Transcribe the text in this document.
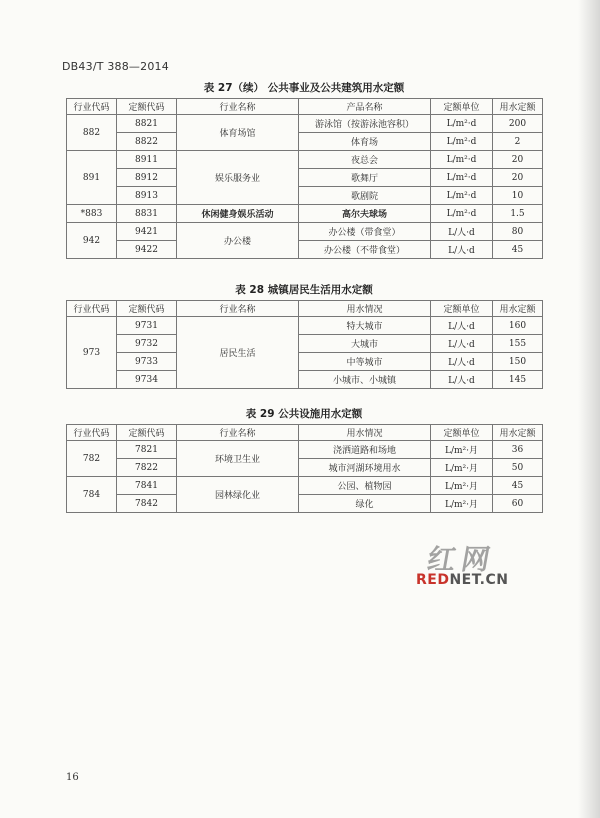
DB43/T 388—2014
表 27（续） 公共事业及公共建筑用水定额
行业代码	定额代码	行业名称	产品名称	定额单位	用水定额
882	8821	体育场馆	游泳馆（按游泳池容积）	L/m²·d	200
	8822		体育场	L/m²·d	2
891	8911	娱乐服务业	夜总会	L/m²·d	20
	8912		歌舞厅	L/m²·d	20
	8913		歌剧院	L/m²·d	10
*883	8831	休闲健身娱乐活动	高尔夫球场	L/m²·d	1.5
942	9421	办公楼	办公楼（带食堂）	L/人·d	80
	9422		办公楼（不带食堂）	L/人·d	45
表 28 城镇居民生活用水定额
行业代码	定额代码	行业名称	用水情况	定额单位	用水定额
973	9731	居民生活	特大城市	L/人·d	160
	9732		大城市	L/人·d	155
	9733		中等城市	L/人·d	150
	9734		小城市、小城镇	L/人·d	145
表 29 公共设施用水定额
行业代码	定额代码	行业名称	用水情况	定额单位	用水定额
782	7821	环境卫生业	浇洒道路和场地	L/m²·月	36
	7822		城市河湖环境用水	L/m²·月	50
784	7841	园林绿化业	公园、植物园	L/m²·月	45
	7842		绿化	L/m²·月	60
红网
REDNET.CN
16
